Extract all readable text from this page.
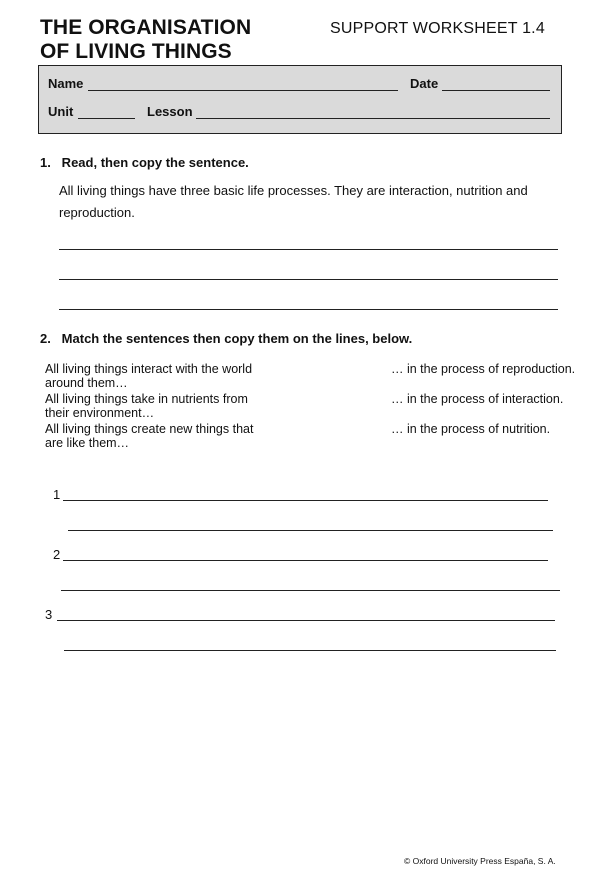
THE ORGANISATION
OF LIVING THINGS
SUPPORT WORKSHEET 1.4
Name	Date
Unit	Lesson
1.   Read, then copy the sentence.
All living things have three basic life processes. They are interaction, nutrition and
reproduction.
2.   Match the sentences then copy them on the lines, below.
All living things interact with the world
around them…
All living things take in nutrients from
their environment…
All living things create new things that
are like them…
… in the process of reproduction.
… in the process of interaction.
… in the process of nutrition.
1
2
3
© Oxford University Press España, S. A.
